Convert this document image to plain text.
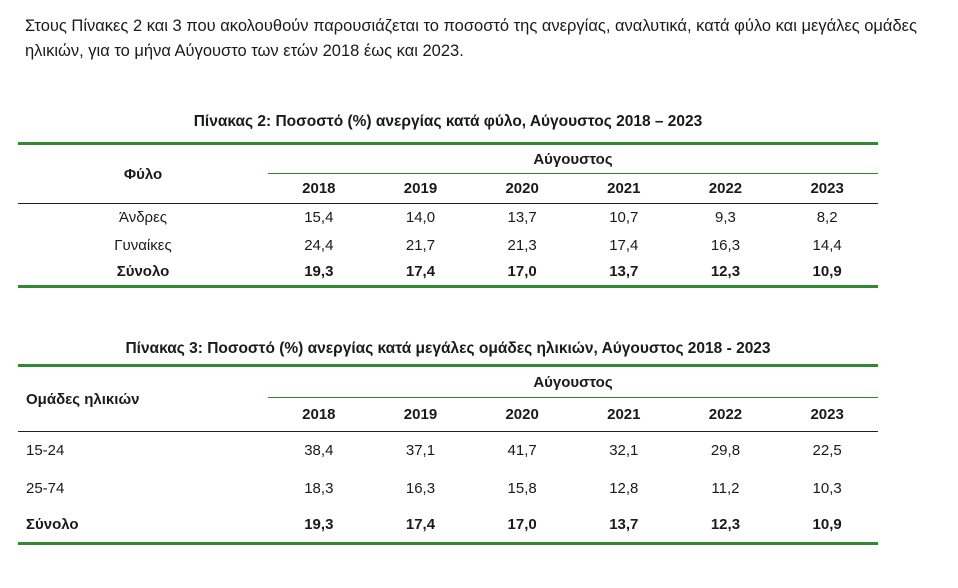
Στους Πίνακες 2 και 3 που ακολουθούν παρουσιάζεται το ποσοστό της ανεργίας, αναλυτικά, κατά φύλο και μεγάλες ομάδες ηλικιών, για το μήνα Αύγουστο των ετών 2018 έως και 2023.

Πίνακας 2: Ποσοστό (%) ανεργίας κατά φύλο, Αύγουστος 2018 – 2023
Φύλο	Αύγουστος					
	2018	2019	2020	2021	2022	2023
Άνδρες	15,4	14,0	13,7	10,7	9,3	8,2
Γυναίκες	24,4	21,7	21,3	17,4	16,3	14,4
Σύνολο	19,3	17,4	17,0	13,7	12,3	10,9
Πίνακας 3: Ποσοστό (%) ανεργίας κατά μεγάλες ομάδες ηλικιών, Αύγουστος 2018 - 2023
Ομάδες ηλικιών	Αύγουστος					
	2018	2019	2020	2021	2022	2023
15-24	38,4	37,1	41,7	32,1	29,8	22,5
25-74	18,3	16,3	15,8	12,8	11,2	10,3
Σύνολο	19,3	17,4	17,0	13,7	12,3	10,9
